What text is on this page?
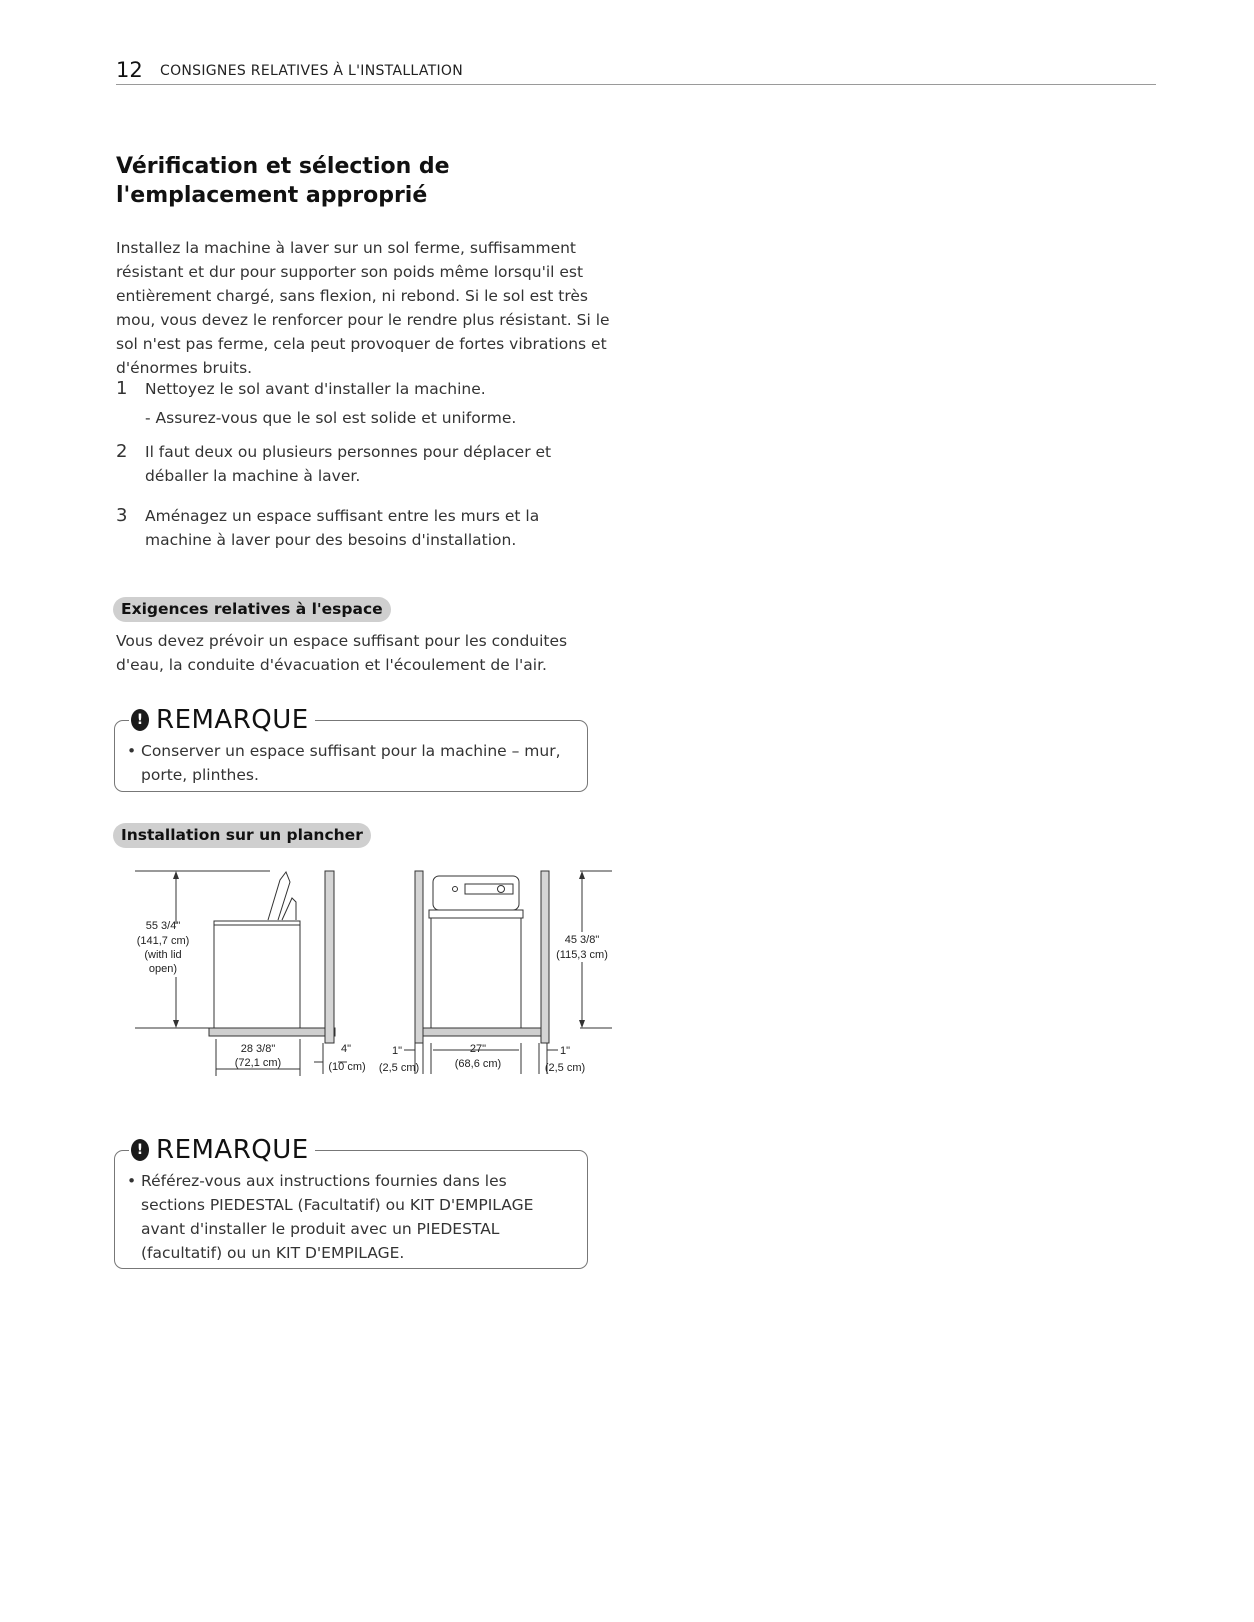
12 CONSIGNES RELATIVES À L'INSTALLATION
Vérification et sélection de l'emplacement approprié

Installez la machine à laver sur un sol ferme, suffisamment résistant et dur pour supporter son poids même lorsqu'il est entièrement chargé, sans flexion, ni rebond. Si le sol est très mou, vous devez le renforcer pour le rendre plus résistant. Si le sol n'est pas ferme, cela peut provoquer de fortes vibrations et d'énormes bruits.

1 Nettoyez le sol avant d'installer la machine.
- Assurez-vous que le sol est solide et uniforme.
2 Il faut deux ou plusieurs personnes pour déplacer et déballer la machine à laver.
3 Aménagez un espace suffisant entre les murs et la machine à laver pour des besoins d'installation.
Exigences relatives à l'espace

Vous devez prévoir un espace suffisant pour les conduites d'eau, la conduite d'évacuation et l'écoulement de l'air.

! REMARQUE
• Conserver un espace suffisant pour la machine – mur, porte, plinthes.
Installation sur un plancher
55 3/4"
(141,7 cm)
(with lid
open)
28 3/8"
(72,1 cm)
4"
(10 cm)
1"
(2,5 cm)
27"
(68,6 cm)
1"
(2,5 cm)
45 3/8"
(115,3 cm)
! REMARQUE
• Référez-vous aux instructions fournies dans les sections PIEDESTAL (Facultatif) ou KIT D'EMPILAGE avant d'installer le produit avec un PIEDESTAL (facultatif) ou un KIT D'EMPILAGE.
